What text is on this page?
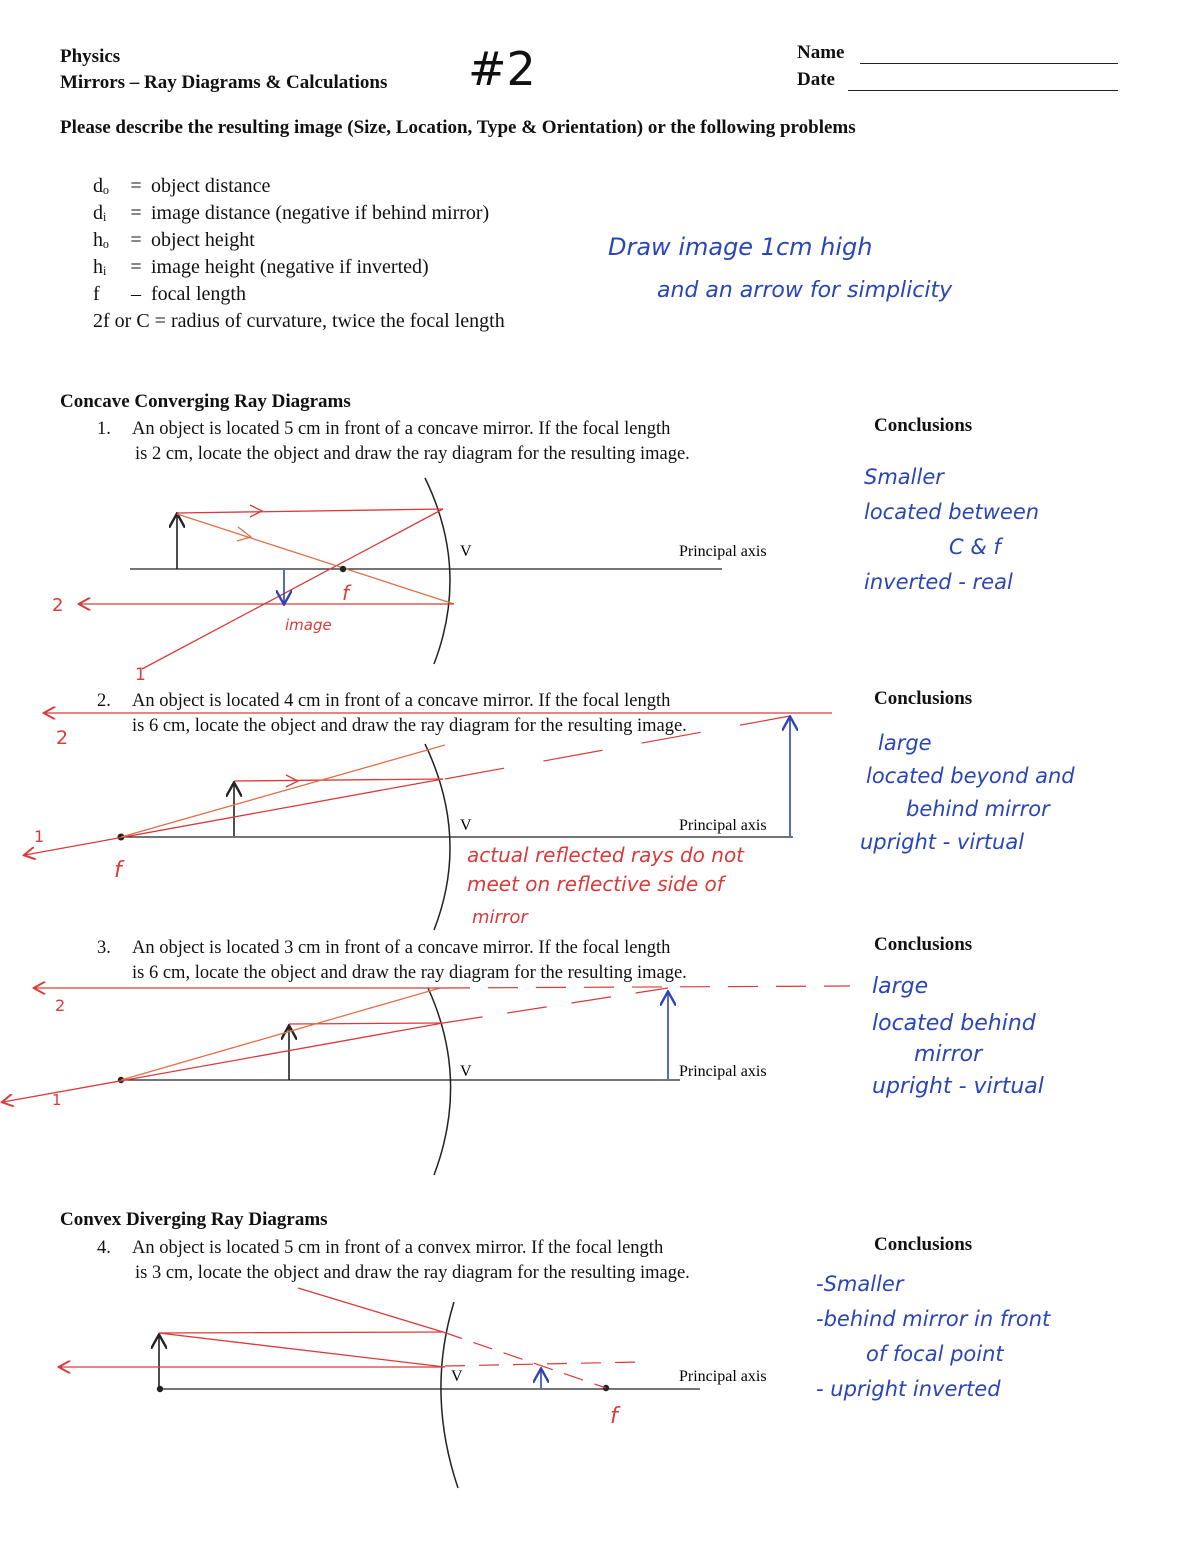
Physics
Mirrors – Ray Diagrams & Calculations #2	Name
Date
Please describe the resulting image (Size, Location, Type & Orientation) or the following problems
dₒ = object distance
dᵢ = image distance (negative if behind mirror)
hₒ = object height
hᵢ = image height (negative if inverted)
f – focal length
2f or C = radius of curvature, twice the focal length
Draw image 1cm high
and an arrow for simplicity
Concave Converging Ray Diagrams
1. An object is located 5 cm in front of a concave mirror. If the focal length
is 2 cm, locate the object and draw the ray diagram for the resulting image.
Conclusions
Smaller
located between
C & f
inverted - real
2. An object is located 4 cm in front of a concave mirror. If the focal length
is 6 cm, locate the object and draw the ray diagram for the resulting image.
Conclusions
large
located beyond and
behind mirror
upright - virtual
3. An object is located 3 cm in front of a concave mirror. If the focal length
is 6 cm, locate the object and draw the ray diagram for the resulting image.
Conclusions
large
located behind
mirror
upright - virtual
Convex Diverging Ray Diagrams
4. An object is located 5 cm in front of a convex mirror. If the focal length
is 3 cm, locate the object and draw the ray diagram for the resulting image.
Conclusions
-Smaller
-behind mirror in front
of focal point
- upright inverted
V	Principal axis
f
image
1
2
V	Principal axis
f
1
2
actual reflected rays do not
meet on reflective side of
mirror
V	Principal axis
1
2
V	Principal axis
f
